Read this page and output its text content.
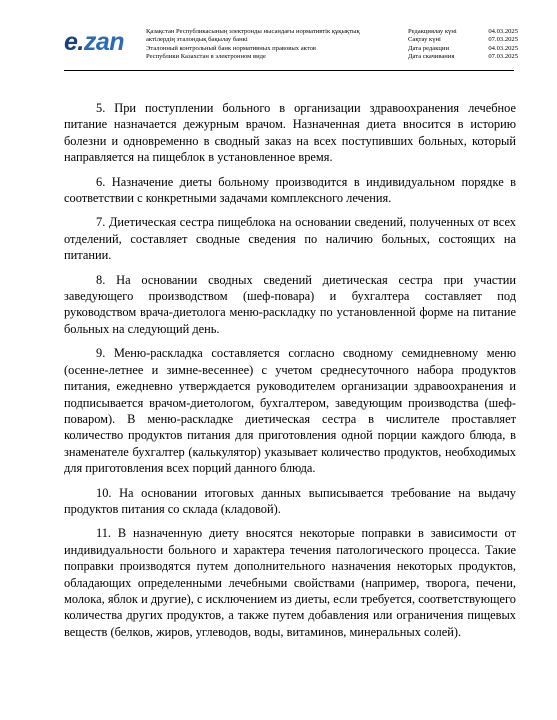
e.zan	Қазақстан Республикасының электронды нысандағы нормативтік құқықтық
актілердің эталондық бақылау банкі
Эталонный контрольный банк нормативных правовых актов
Республики Казахстан в электронном виде
Редакциялау күні	04.03.2025
Сақтау күні	07.03.2025
Дата редакции	04.03.2025
Дата скачивания	07.03.2025

5. При поступлении больного в организации здравоохранения лечебное питание назначается дежурным врачом. Назначенная диета вносится в историю болезни и одновременно в сводный заказ на всех поступивших больных, который направляется на пищеблок в установленное время.

6. Назначение диеты больному производится в индивидуальном порядке в соответствии с конкретными задачами комплексного лечения.

7. Диетическая сестра пищеблока на основании сведений, полученных от всех отделений, составляет сводные сведения по наличию больных, состоящих на питании.

8. На основании сводных сведений диетическая сестра при участии заведующего производством (шеф-повара) и бухгалтера составляет под руководством врача-диетолога меню-раскладку по установленной форме на питание больных на следующий день.

9. Меню-раскладка составляется согласно сводному семидневному меню (осенне-летнее и зимне-весеннее) с учетом среднесуточного набора продуктов питания, ежедневно утверждается руководителем организации здравоохранения и подписывается врачом-диетологом, бухгалтером, заведующим производства (шеф-поваром). В меню-раскладке диетическая сестра в числителе проставляет количество продуктов питания для приготовления одной порции каждого блюда, в знаменателе бухгалтер (калькулятор) указывает количество продуктов, необходимых для приготовления всех порций данного блюда.

10. На основании итоговых данных выписывается требование на выдачу продуктов питания со склада (кладовой).

11. В назначенную диету вносятся некоторые поправки в зависимости от индивидуальности больного и характера течения патологического процесса. Такие поправки производятся путем дополнительного назначения некоторых продуктов, обладающих определенными лечебными свойствами (например, творога, печени, молока, яблок и другие), с исключением из диеты, если требуется, соответствующего количества других продуктов, а также путем добавления или ограничения пищевых веществ (белков, жиров, углеводов, воды, витаминов, минеральных солей).
